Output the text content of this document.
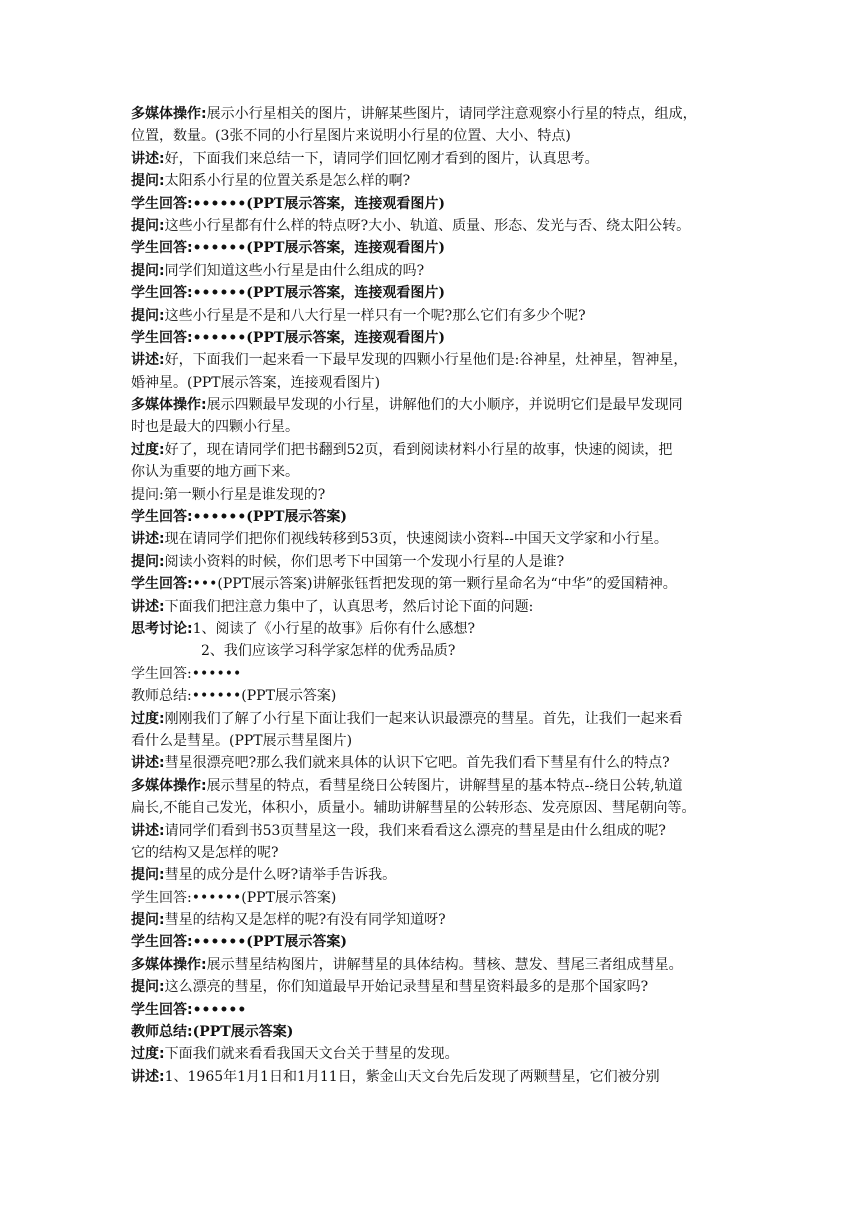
多媒体操作:展示小行星相关的图片，讲解某些图片，请同学注意观察小行星的特点，组成，
位置，数量。(3张不同的小行星图片来说明小行星的位置、大小、特点)
讲述:好，下面我们来总结一下，请同学们回忆刚才看到的图片，认真思考。
提问:太阳系小行星的位置关系是怎么样的啊?
学生回答:••••••(PPT展示答案，连接观看图片)
提问:这些小行星都有什么样的特点呀?大小、轨道、质量、形态、发光与否、绕太阳公转。
学生回答:••••••(PPT展示答案，连接观看图片)
提问:同学们知道这些小行星是由什么组成的吗?
学生回答:••••••(PPT展示答案，连接观看图片)
提问:这些小行星是不是和八大行星一样只有一个呢?那么它们有多少个呢?
学生回答:••••••(PPT展示答案，连接观看图片)
讲述:好，下面我们一起来看一下最早发现的四颗小行星他们是:谷神星，灶神星，智神星，
婚神星。(PPT展示答案，连接观看图片)
多媒体操作:展示四颗最早发现的小行星，讲解他们的大小顺序，并说明它们是最早发现同
时也是最大的四颗小行星。
过度:好了，现在请同学们把书翻到52页，看到阅读材料小行星的故事，快速的阅读，把
你认为重要的地方画下来。
提问:第一颗小行星是谁发现的?
学生回答:••••••(PPT展示答案)
讲述:现在请同学们把你们视线转移到53页，快速阅读小资料--中国天文学家和小行星。
提问:阅读小资料的时候，你们思考下中国第一个发现小行星的人是谁?
学生回答:•••(PPT展示答案)讲解张钰哲把发现的第一颗行星命名为“中华”的爱国精神。
讲述:下面我们把注意力集中了，认真思考，然后讨论下面的问题:
思考讨论:1、阅读了《小行星的故事》后你有什么感想?
2、我们应该学习科学家怎样的优秀品质?
学生回答:••••••
教师总结:••••••(PPT展示答案)
过度:刚刚我们了解了小行星下面让我们一起来认识最漂亮的彗星。首先，让我们一起来看
看什么是彗星。(PPT展示彗星图片)
讲述:彗星很漂亮吧?那么我们就来具体的认识下它吧。首先我们看下彗星有什么的特点?
多媒体操作:展示彗星的特点，看彗星绕日公转图片，讲解彗星的基本特点--绕日公转,轨道
扁长,不能自己发光，体积小，质量小。辅助讲解彗星的公转形态、发亮原因、彗尾朝向等。
讲述:请同学们看到书53页彗星这一段，我们来看看这么漂亮的彗星是由什么组成的呢?
它的结构又是怎样的呢?
提问:彗星的成分是什么呀?请举手告诉我。
学生回答:••••••(PPT展示答案)
提问:彗星的结构又是怎样的呢?有没有同学知道呀?
学生回答:••••••(PPT展示答案)
多媒体操作:展示彗星结构图片，讲解彗星的具体结构。彗核、慧发、彗尾三者组成彗星。
提问:这么漂亮的彗星，你们知道最早开始记录彗星和彗星资料最多的是那个国家吗?
学生回答:••••••
教师总结:(PPT展示答案)
过度:下面我们就来看看我国天文台关于彗星的发现。
讲述:1、1965年1月1日和1月11日，紫金山天文台先后发现了两颗彗星，它们被分别
